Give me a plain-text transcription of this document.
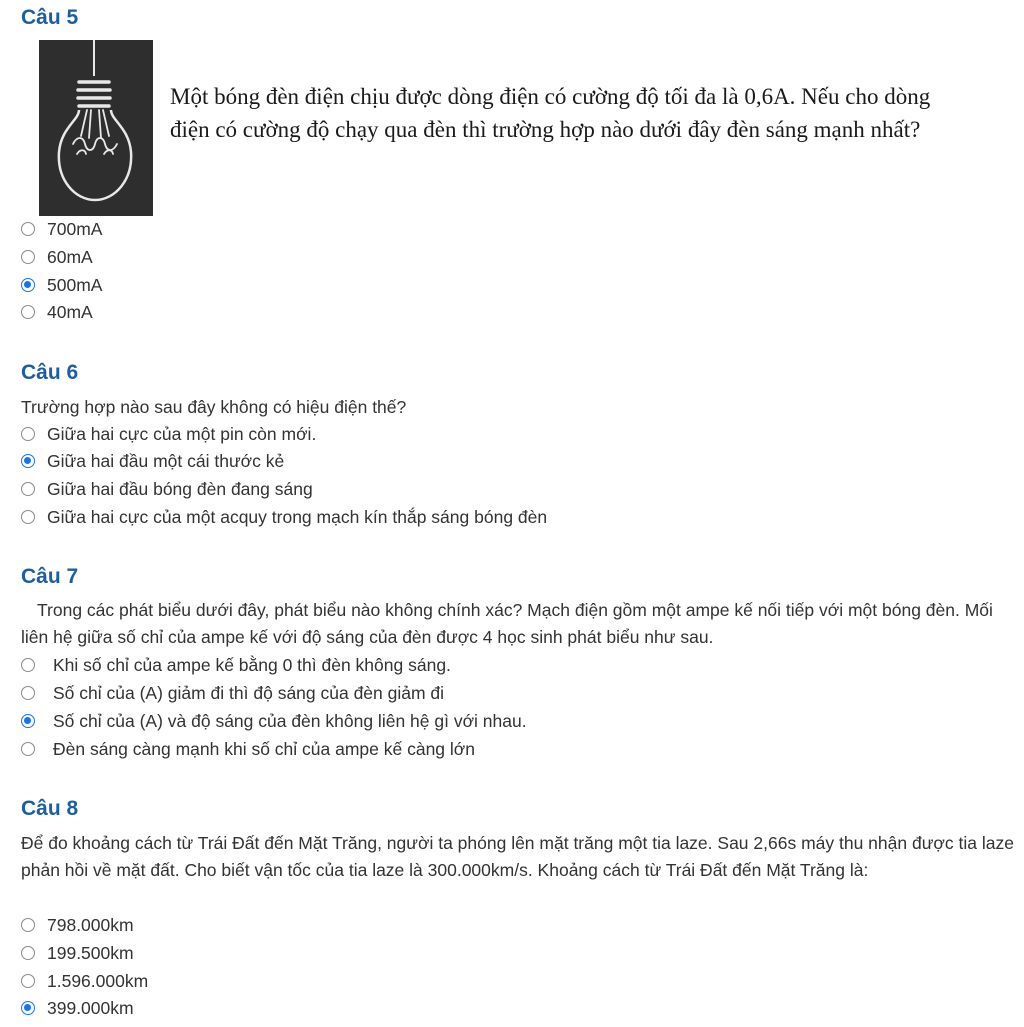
Câu 5

Một bóng đèn điện chịu được dòng điện có cường độ tối đa là 0,6A. Nếu cho dòng điện có cường độ chạy qua đèn thì trường hợp nào dưới đây đèn sáng mạnh nhất?

700mA
60mA
500mA
40mA
Câu 6

Trường hợp nào sau đây không có hiệu điện thế?

Giữa hai cực của một pin còn mới.
Giữa hai đầu một cái thước kẻ
Giữa hai đầu bóng đèn đang sáng
Giữa hai cực của một acquy trong mạch kín thắp sáng bóng đèn
Câu 7

Trong các phát biểu dưới đây, phát biểu nào không chính xác? Mạch điện gồm một ampe kế nối tiếp với một bóng đèn. Mối liên hệ giữa số chỉ của ampe kế với độ sáng của đèn được 4 học sinh phát biểu như sau.

Khi số chỉ của ampe kế bằng 0 thì đèn không sáng.
Số chỉ của (A) giảm đi thì độ sáng của đèn giảm đi
Số chỉ của (A) và độ sáng của đèn không liên hệ gì với nhau.
Đèn sáng càng mạnh khi số chỉ của ampe kế càng lớn
Câu 8

Để đo khoảng cách từ Trái Đất đến Mặt Trăng, người ta phóng lên mặt trăng một tia laze. Sau 2,66s máy thu nhận được tia laze phản hồi về mặt đất. Cho biết vận tốc của tia laze là 300.000km/s. Khoảng cách từ Trái Đất đến Mặt Trăng là:

798.000km
199.500km
1.596.000km
399.000km
